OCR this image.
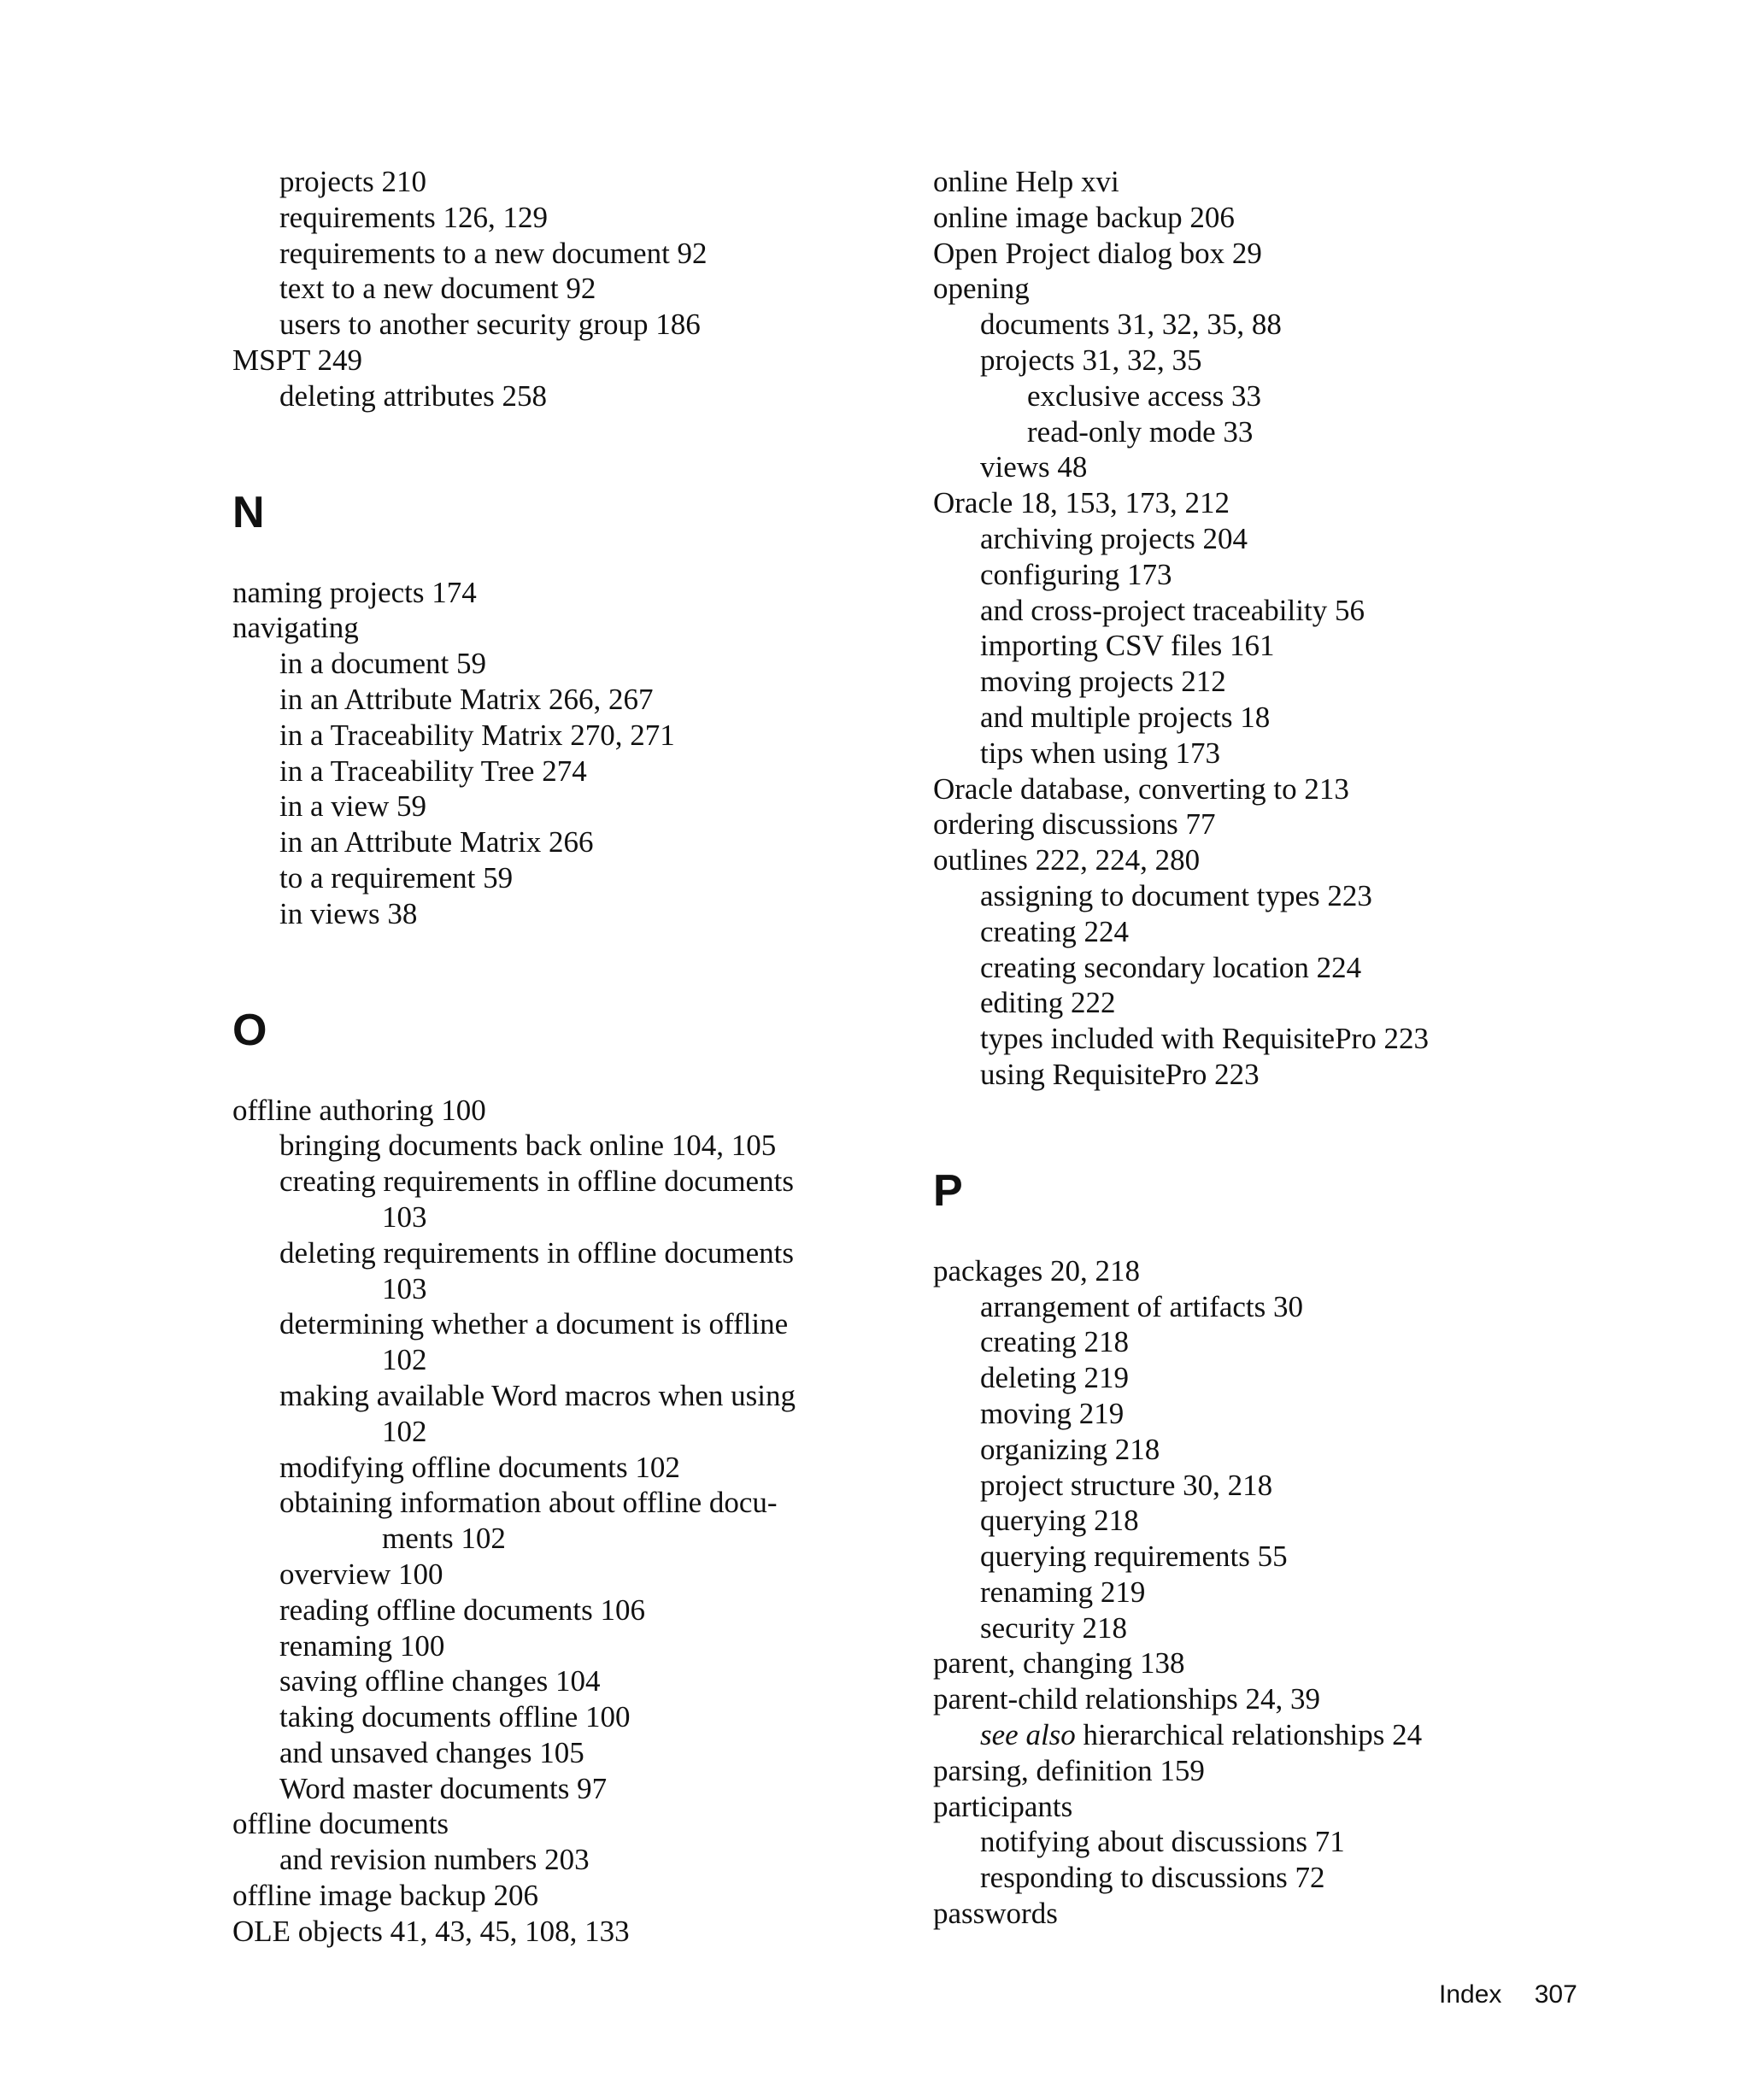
projects 210
requirements 126, 129
requirements to a new document 92
text to a new document 92
users to another security group 186
MSPT 249
deleting attributes 258
N
naming projects 174
navigating
in a document 59
in an Attribute Matrix 266, 267
in a Traceability Matrix 270, 271
in a Traceability Tree 274
in a view 59
in an Attribute Matrix 266
to a requirement 59
in views 38
O
offline authoring 100
bringing documents back online 104, 105
creating requirements in offline documents
103
deleting requirements in offline documents
103
determining whether a document is offline
102
making available Word macros when using
102
modifying offline documents 102
obtaining information about offline docu-
ments 102
overview 100
reading offline documents 106
renaming 100
saving offline changes 104
taking documents offline 100
and unsaved changes 105
Word master documents 97
offline documents
and revision numbers 203
offline image backup 206
OLE objects 41, 43, 45, 108, 133
online Help xvi
online image backup 206
Open Project dialog box 29
opening
documents 31, 32, 35, 88
projects 31, 32, 35
exclusive access 33
read-only mode 33
views 48
Oracle 18, 153, 173, 212
archiving projects 204
configuring 173
and cross-project traceability 56
importing CSV files 161
moving projects 212
and multiple projects 18
tips when using 173
Oracle database, converting to 213
ordering discussions 77
outlines 222, 224, 280
assigning to document types 223
creating 224
creating secondary location 224
editing 222
types included with RequisitePro 223
using RequisitePro 223
P
packages 20, 218
arrangement of artifacts 30
creating 218
deleting 219
moving 219
organizing 218
project structure 30, 218
querying 218
querying requirements 55
renaming 219
security 218
parent, changing 138
parent-child relationships 24, 39
see also hierarchical relationships 24
parsing, definition 159
participants
notifying about discussions 71
responding to discussions 72
passwords
Index 307
